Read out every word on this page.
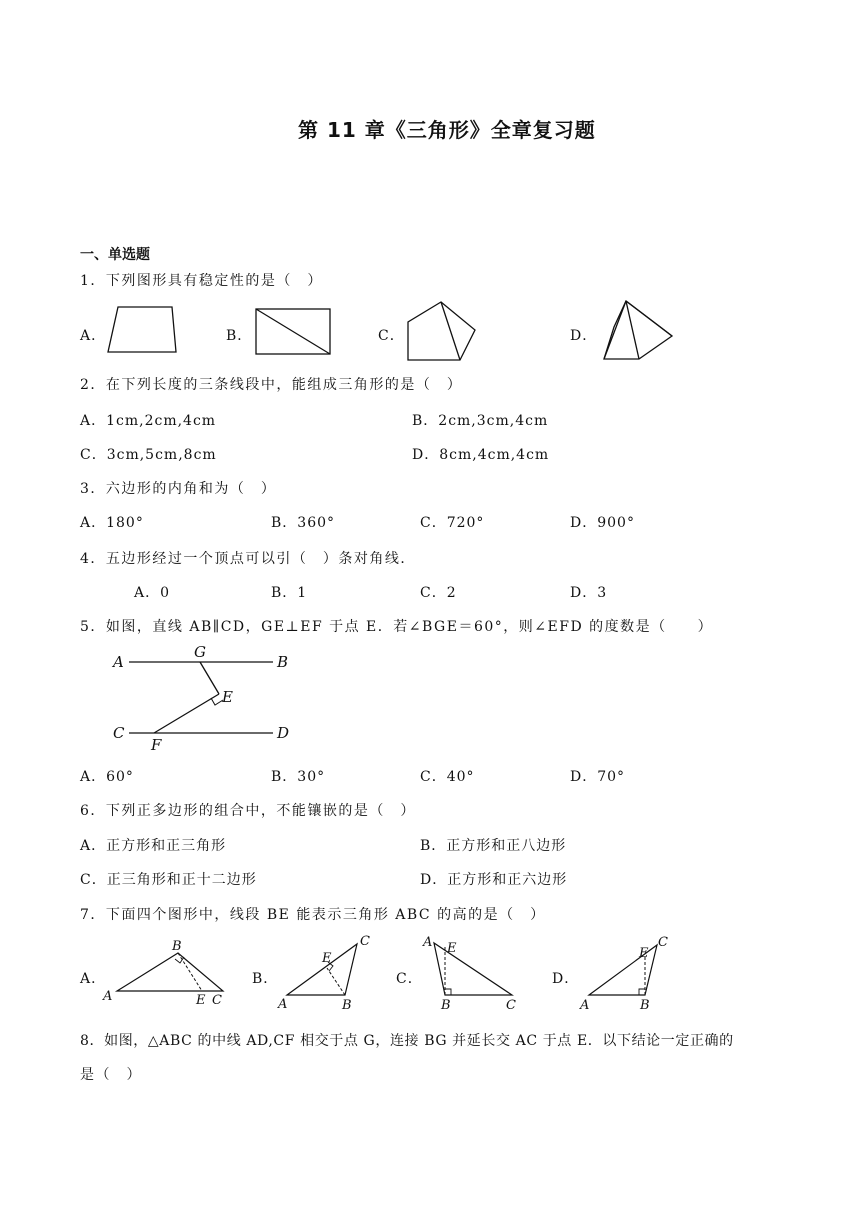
第 11 章《三角形》全章复习题
一、单选题
1．下列图形具有稳定性的是（　）
A．	B．	C．	D．
2．在下列长度的三条线段中，能组成三角形的是（　）
A．1cm,2cm,4cm	B．2cm,3cm,4cm
C．3cm,5cm,8cm	D．8cm,4cm,4cm
3．六边形的内角和为（　）
A．180°	B．360°	C．720°	D．900°
4．五边形经过一个顶点可以引（　）条对角线．
A．0	B．1	C．2	D．3
5．如图，直线 AB∥CD，GE⊥EF 于点 E．若∠BGE＝60°，则∠EFD 的度数是（　　）
A
G
B
E
C
F
D
A．60°	B．30°	C．40°	D．70°
6．下列正多边形的组合中，不能镶嵌的是（　）
A．正方形和正三角形	B．正方形和正八边形
C．正三角形和正十二边形	D．正方形和正六边形
7．下面四个图形中，线段 BE 能表示三角形 ABC 的高的是（　）
A．
B
A	E C
B．
C
E
A	B
C．
A E
B	C
D．
C
E
A	B
8．如图，△ABC 的中线 AD,CF 相交于点 G，连接 BG 并延长交 AC 于点 E．以下结论一定正确的
是（　）
